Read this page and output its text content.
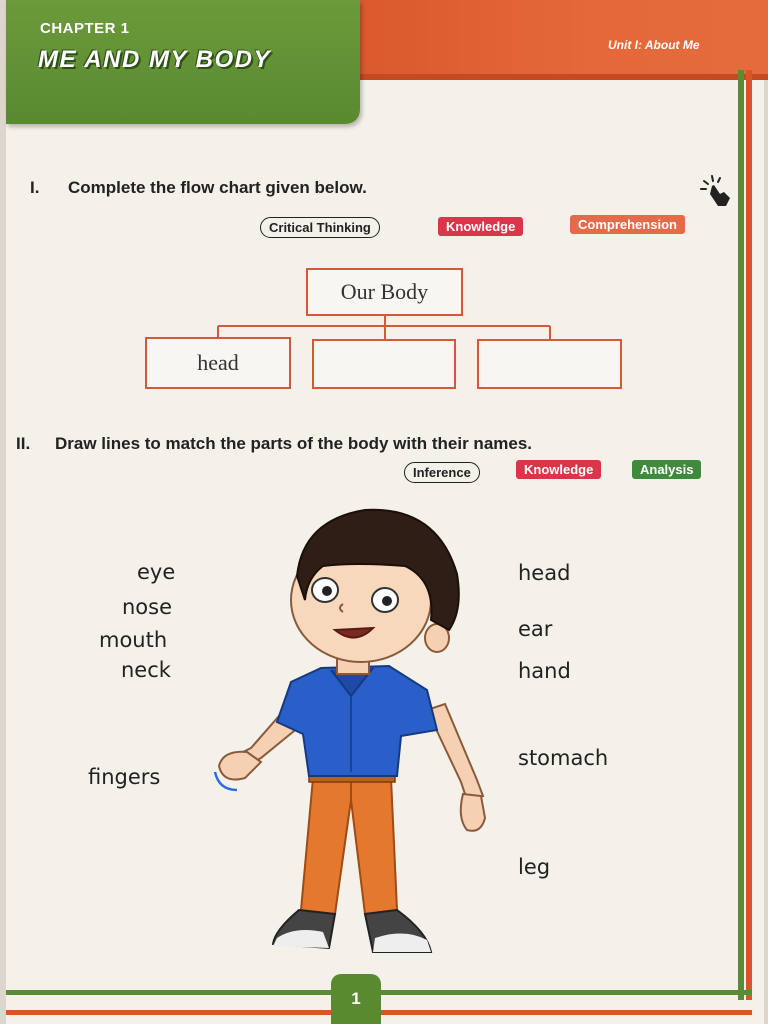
CHAPTER 1
ME AND MY BODY
Unit I: About Me
I. Complete the flow chart given below.
Critical Thinking	Knowledge	Comprehension
Our Body
head
II. Draw lines to match the parts of the body with their names.
Inference	Knowledge	Analysis
eye
nose
mouth
neck
fingers
head
ear
hand
stomach
leg
1
